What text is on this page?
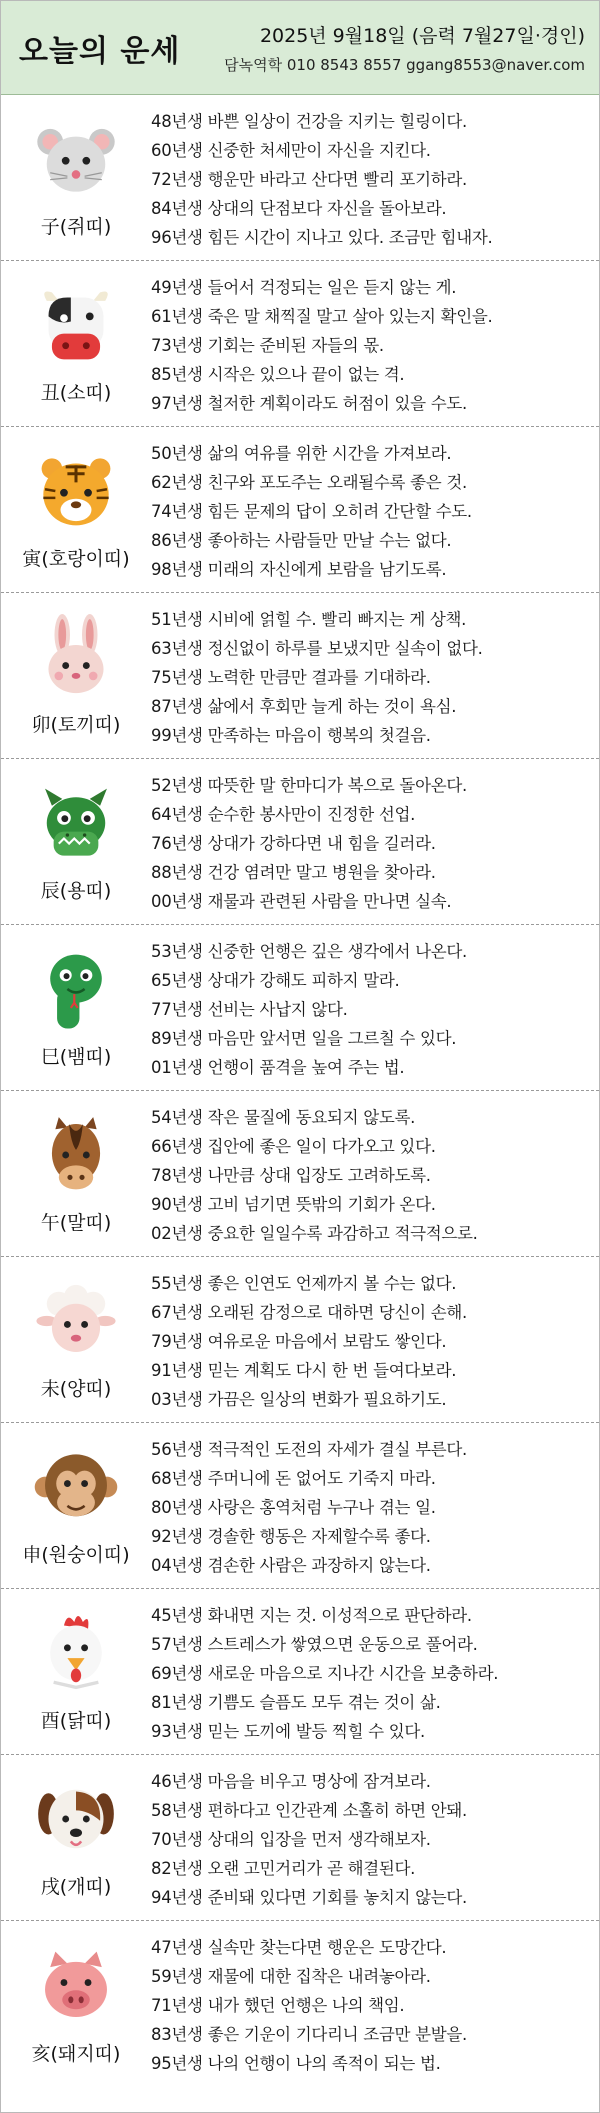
오늘의 운세	2025년 9월18일 (음력 7월27일·경인)
담녹역학 010 8543 8557 ggang8553@naver.com
子(쥐띠)
48년생 바쁜 일상이 건강을 지키는 힐링이다.
60년생 신중한 처세만이 자신을 지킨다.
72년생 행운만 바라고 산다면 빨리 포기하라.
84년생 상대의 단점보다 자신을 돌아보라.
96년생 힘든 시간이 지나고 있다. 조금만 힘내자.
丑(소띠)
49년생 들어서 걱정되는 일은 듣지 않는 게.
61년생 죽은 말 채찍질 말고 살아 있는지 확인을.
73년생 기회는 준비된 자들의 몫.
85년생 시작은 있으나 끝이 없는 격.
97년생 철저한 계획이라도 허점이 있을 수도.
寅(호랑이띠)
50년생 삶의 여유를 위한 시간을 가져보라.
62년생 친구와 포도주는 오래될수록 좋은 것.
74년생 힘든 문제의 답이 오히려 간단할 수도.
86년생 좋아하는 사람들만 만날 수는 없다.
98년생 미래의 자신에게 보람을 남기도록.
卯(토끼띠)
51년생 시비에 얽힐 수. 빨리 빠지는 게 상책.
63년생 정신없이 하루를 보냈지만 실속이 없다.
75년생 노력한 만큼만 결과를 기대하라.
87년생 삶에서 후회만 늘게 하는 것이 욕심.
99년생 만족하는 마음이 행복의 첫걸음.
辰(용띠)
52년생 따뜻한 말 한마디가 복으로 돌아온다.
64년생 순수한 봉사만이 진정한 선업.
76년생 상대가 강하다면 내 힘을 길러라.
88년생 건강 염려만 말고 병원을 찾아라.
00년생 재물과 관련된 사람을 만나면 실속.
巳(뱀띠)
53년생 신중한 언행은 깊은 생각에서 나온다.
65년생 상대가 강해도 피하지 말라.
77년생 선비는 사납지 않다.
89년생 마음만 앞서면 일을 그르칠 수 있다.
01년생 언행이 품격을 높여 주는 법.
午(말띠)
54년생 작은 물질에 동요되지 않도록.
66년생 집안에 좋은 일이 다가오고 있다.
78년생 나만큼 상대 입장도 고려하도록.
90년생 고비 넘기면 뜻밖의 기회가 온다.
02년생 중요한 일일수록 과감하고 적극적으로.
未(양띠)
55년생 좋은 인연도 언제까지 볼 수는 없다.
67년생 오래된 감정으로 대하면 당신이 손해.
79년생 여유로운 마음에서 보람도 쌓인다.
91년생 믿는 계획도 다시 한 번 들여다보라.
03년생 가끔은 일상의 변화가 필요하기도.
申(원숭이띠)
56년생 적극적인 도전의 자세가 결실 부른다.
68년생 주머니에 돈 없어도 기죽지 마라.
80년생 사랑은 홍역처럼 누구나 겪는 일.
92년생 경솔한 행동은 자제할수록 좋다.
04년생 겸손한 사람은 과장하지 않는다.
酉(닭띠)
45년생 화내면 지는 것. 이성적으로 판단하라.
57년생 스트레스가 쌓였으면 운동으로 풀어라.
69년생 새로운 마음으로 지나간 시간을 보충하라.
81년생 기쁨도 슬픔도 모두 겪는 것이 삶.
93년생 믿는 도끼에 발등 찍힐 수 있다.
戌(개띠)
46년생 마음을 비우고 명상에 잠겨보라.
58년생 편하다고 인간관계 소홀히 하면 안돼.
70년생 상대의 입장을 먼저 생각해보자.
82년생 오랜 고민거리가 곧 해결된다.
94년생 준비돼 있다면 기회를 놓치지 않는다.
亥(돼지띠)
47년생 실속만 찾는다면 행운은 도망간다.
59년생 재물에 대한 집착은 내려놓아라.
71년생 내가 했던 언행은 나의 책임.
83년생 좋은 기운이 기다리니 조금만 분발을.
95년생 나의 언행이 나의 족적이 되는 법.
